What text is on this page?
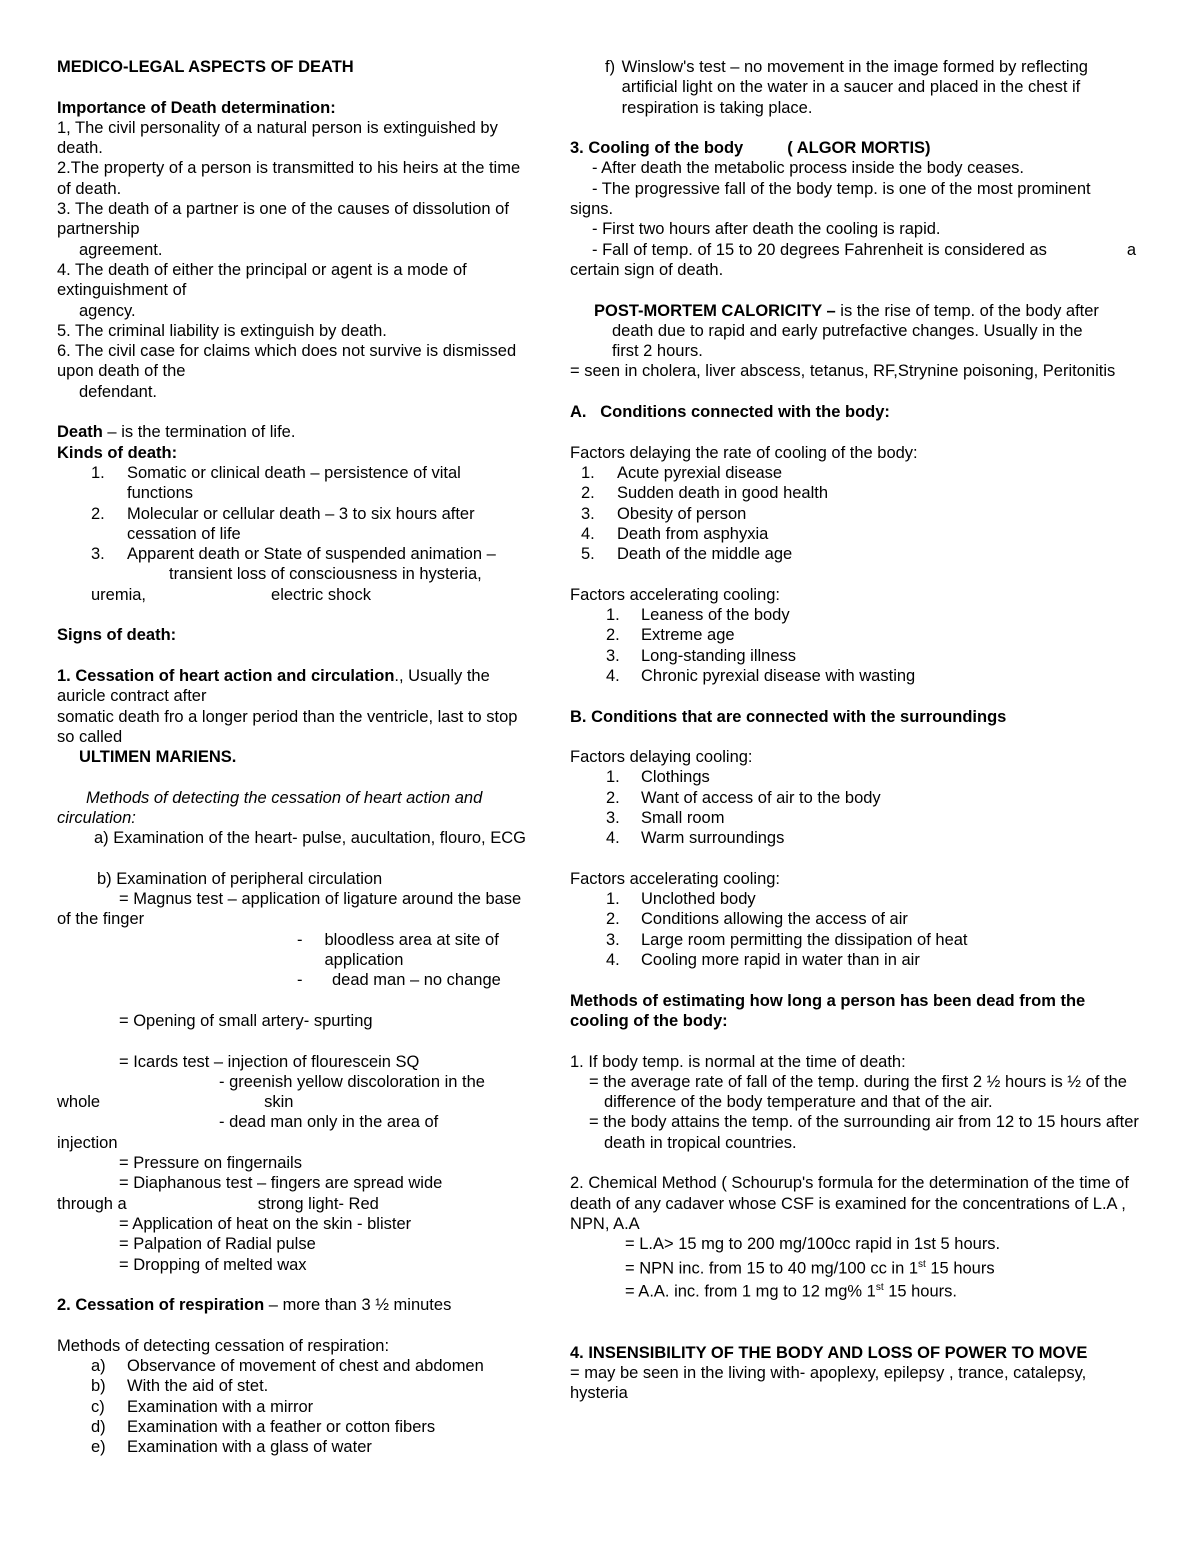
MEDICO-LEGAL ASPECTS OF DEATH

Importance of Death determination:

1, The civil personality of a natural person is extinguished by death.

2.The property of a person is transmitted to his heirs at the time of death.

3. The death of a partner is one of the causes of dissolution of partnership

agreement.

4. The death of either the principal or agent is a mode of extinguishment of

agency.

5. The criminal liability is extinguish by death.

6. The civil case for claims which does not survive is dismissed upon death of the

defendant.

Death – is the termination of life.

Kinds of death:

1.	Somatic or clinical death – persistence of vital functions
2.	Molecular or cellular death – 3 to six hours after cessation of life
3.	Apparent death or State of suspended animation –

transient loss of consciousness in hysteria,

uremia,	electric shock

Signs of death:

1. Cessation of heart action and circulation., Usually the auricle contract after

somatic death fro a longer period than the ventricle, last to stop so called

ULTIMEN MARIENS.

Methods of detecting the cessation of heart action and circulation:

a) Examination of the heart- pulse, aucultation, flouro, ECG

b) Examination of peripheral circulation

= Magnus test – application of ligature around the base of the finger

-	bloodless area at site of application
-	dead man – no change

= Opening of small artery- spurting

= Icards test – injection of flourescein SQ

- greenish yellow discoloration in the

whole	skin

- dead man only in the area of

injection

= Pressure on fingernails

= Diaphanous test – fingers are spread wide

through a	strong light- Red

= Application of heat on the skin - blister

= Palpation of Radial pulse

= Dropping of melted wax

2. Cessation of respiration – more than 3 ½ minutes

Methods of detecting cessation of respiration:

a)	Observance of movement of chest and abdomen
b)	With the aid of stet.
c)	Examination with a mirror
d)	Examination with a feather or cotton fibers
e)	Examination with a glass of water
f) Winslow's test – no movement in the image formed by reflecting artificial light on the water in a saucer and placed in the chest if respiration is taking place.

3. Cooling of the body	( ALGOR MORTIS)

- After death the metabolic process inside the body ceases.

- The progressive fall of the body temp. is one of the most prominent

signs.

- First two hours after death the cooling is rapid.

- Fall of temp. of 15 to 20 degrees Fahrenheit is considered as	a

certain sign of death.

POST-MORTEM CALORICITY – is the rise of temp. of the body after

death due to rapid and early putrefactive changes. Usually in the

first 2 hours.

= seen in cholera, liver abscess, tetanus, RF,Strynine poisoning, Peritonitis

A.   Conditions connected with the body:

Factors delaying the rate of cooling of the body:

1.	Acute pyrexial disease
2.	Sudden death in good health
3.	Obesity of person
4.	Death from asphyxia
5.	Death of the middle age

Factors accelerating cooling:

1.	Leaness of the body
2.	Extreme age
3.	Long-standing illness
4.	Chronic pyrexial disease with wasting

B. Conditions that are connected with the surroundings

Factors delaying cooling:

1.	Clothings
2.	Want of access of air to the body
3.	Small room
4.	Warm surroundings

Factors accelerating cooling:

1.	Unclothed body
2.	Conditions allowing the access of air
3.	Large room permitting the dissipation of heat
4.	Cooling more rapid in water than in air

Methods of estimating how long a person has been dead from the cooling of the body:

1. If body temp. is normal at the time of death:

= the average rate of fall of the temp. during the first 2 ½ hours is ½ of the

difference of the body temperature and that of the air.

= the body attains the temp. of the surrounding air from 12 to 15 hours after

death in tropical countries.

2. Chemical Method ( Schourup's formula for the determination of the time of death of any cadaver whose CSF is examined for the concentrations of L.A , NPN, A.A

= L.A> 15 mg to 200 mg/100cc rapid in 1st 5 hours.

= NPN inc. from 15 to 40 mg/100 cc in 1st 15 hours

= A.A. inc. from 1 mg to 12 mg% 1st 15 hours.

4. INSENSIBILITY OF THE BODY AND LOSS OF POWER TO MOVE

= may be seen in the living with- apoplexy, epilepsy , trance, catalepsy, hysteria
